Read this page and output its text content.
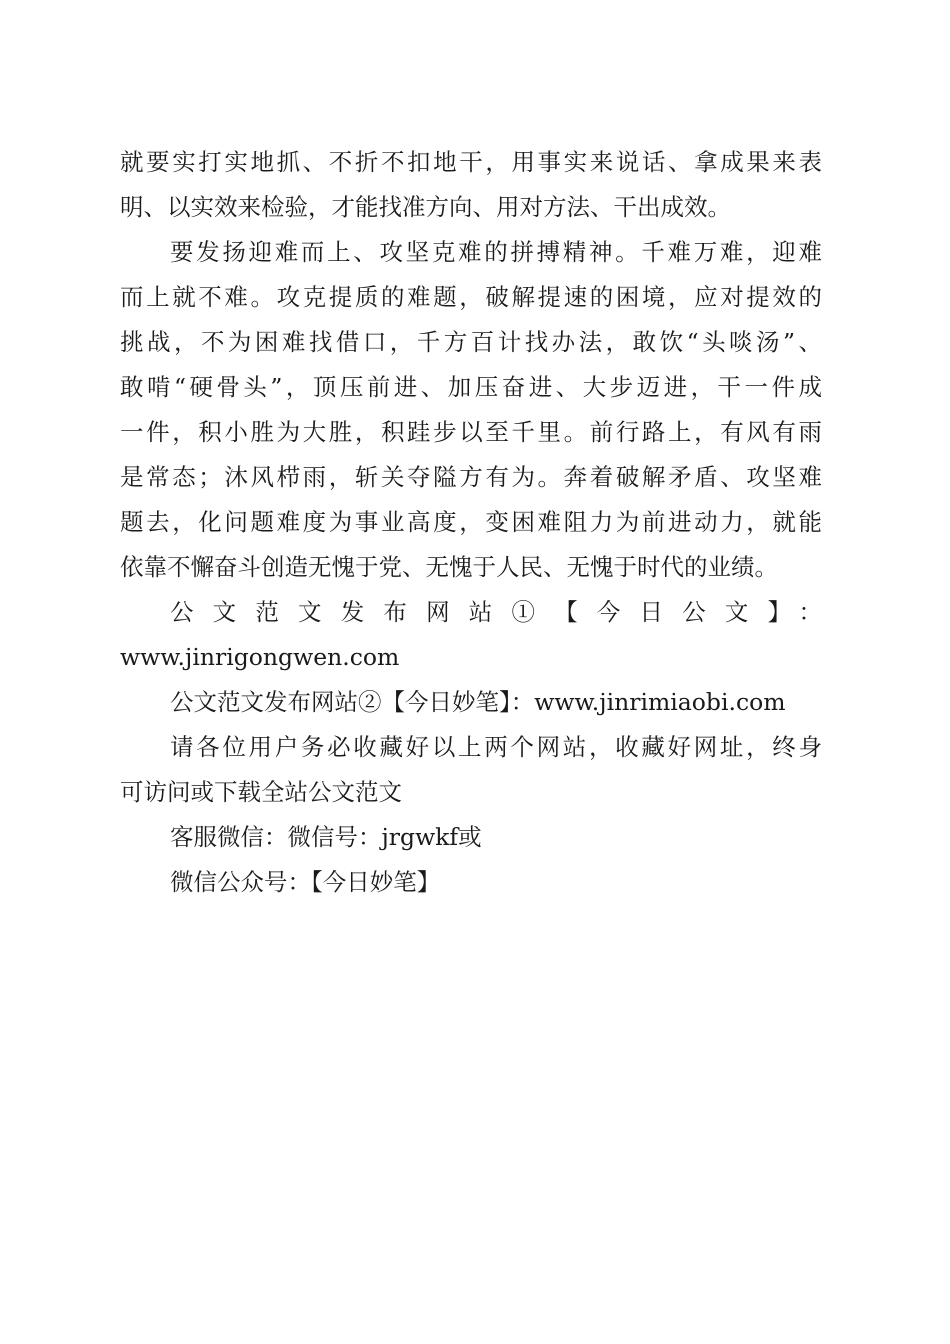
就要实打实地抓、不折不扣地干，用事实来说话、拿成果来表
明、以实效来检验，才能找准方向、用对方法、干出成效。
要发扬迎难而上、攻坚克难的拼搏精神。千难万难，迎难
而上就不难。攻克提质的难题，破解提速的困境，应对提效的
挑战，不为困难找借口，千方百计找办法，敢饮“头啖汤”、
敢啃“硬骨头”，顶压前进、加压奋进、大步迈进，干一件成
一件，积小胜为大胜，积跬步以至千里。前行路上，有风有雨
是常态；沐风栉雨，斩关夺隘方有为。奔着破解矛盾、攻坚难
题去，化问题难度为事业高度，变困难阻力为前进动力，就能
依靠不懈奋斗创造无愧于党、无愧于人民、无愧于时代的业绩。
公文范文发布网站①【今日公文】：
www.jinrigongwen.com
公文范文发布网站②【今日妙笔】：www.jinrimiaobi.com
请各位用户务必收藏好以上两个网站，收藏好网址，终身
可访问或下载全站公文范文
客服微信：微信号：jrgwkf或
微信公众号：【今日妙笔】
